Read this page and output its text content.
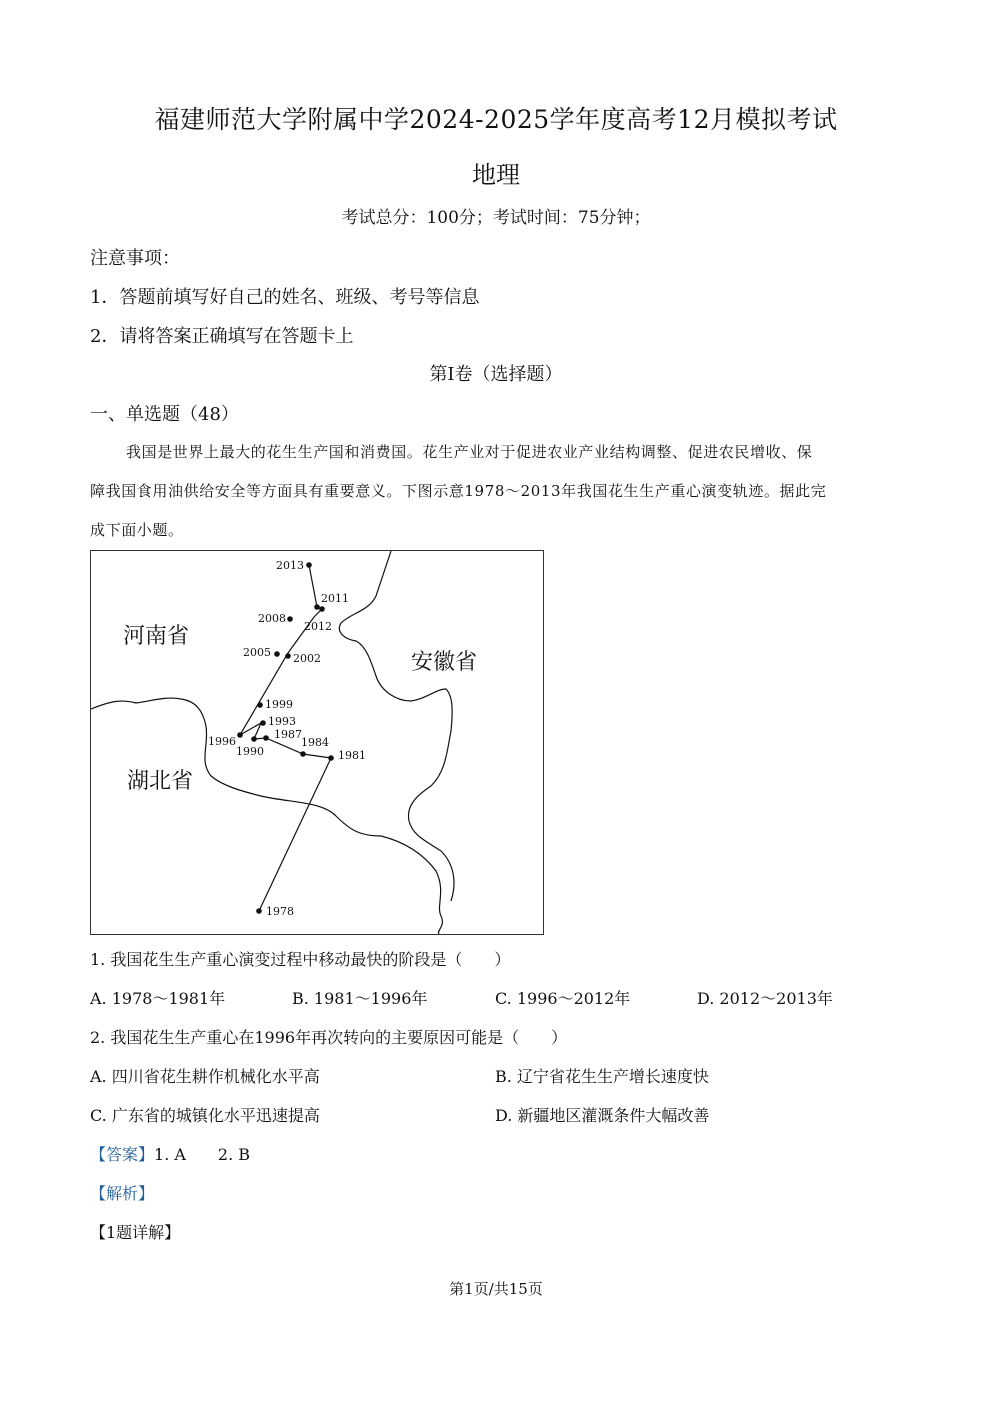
福建师范大学附属中学2024-2025学年度高考12月模拟考试
地理
考试总分：100分；考试时间：75分钟；
注意事项：
1．答题前填写好自己的姓名、班级、考号等信息
2．请将答案正确填写在答题卡上
第I卷（选择题）
一、单选题（48）
我国是世界上最大的花生生产国和消费国。花生产业对于促进农业产业结构调整、促进农民增收、保
障我国食用油供给安全等方面具有重要意义。下图示意1978～2013年我国花生生产重心演变轨迹。据此完
成下面小题。
2013
2011
2012
2008
2005 2002
1999
1993
1987
1996
1990
1984
1981
1978
河南省
安徽省
湖北省
1. 我国花生生产重心演变过程中移动最快的阶段是（　　）
A. 1978～1981年	B. 1981～1996年	C. 1996～2012年	D. 2012～2013年
2. 我国花生生产重心在1996年再次转向的主要原因可能是（　　）
A. 四川省花生耕作机械化水平高	B. 辽宁省花生生产增长速度快
C. 广东省的城镇化水平迅速提高	D. 新疆地区灌溉条件大幅改善
【答案】1. A　　2. B
【解析】
【1题详解】
第1页/共15页
